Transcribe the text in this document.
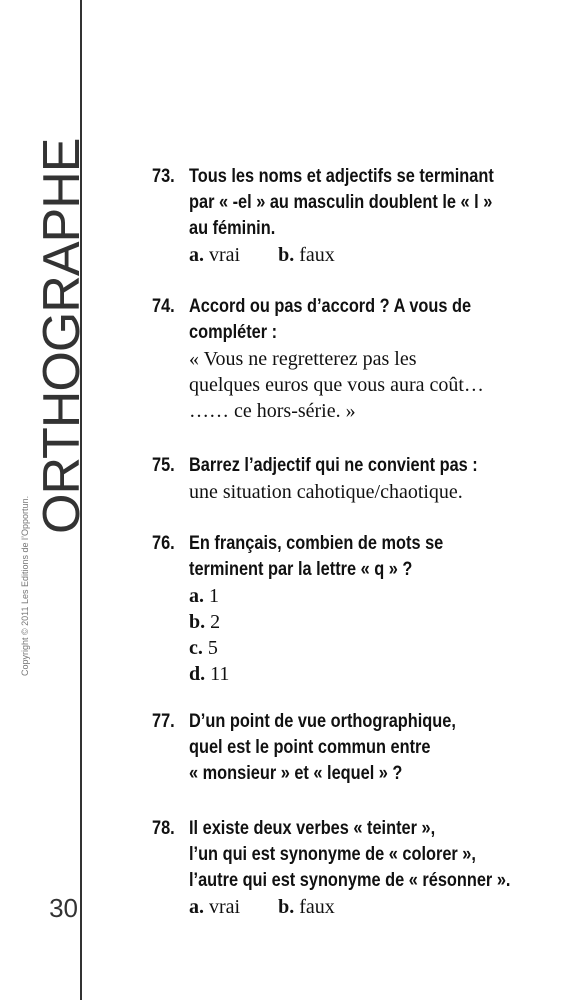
ORTHOGRAPHE
Copyright © 2011 Les Editions de l’Opportun.
30
73. Tous les noms et adjectifs se terminant
par « -el » au masculin doublent le « l »
au féminin.
a. vrai b. faux
74. Accord ou pas d’accord ? A vous de
compléter :
« Vous ne regretterez pas les
quelques euros que vous aura coût…
…… ce hors-série. »
75. Barrez l’adjectif qui ne convient pas :
une situation cahotique/chaotique.
76. En français, combien de mots se
terminent par la lettre « q » ?
a. 1
b. 2
c. 5
d. 11
77. D’un point de vue orthographique,
quel est le point commun entre
« monsieur » et « lequel » ?
78. Il existe deux verbes « teinter »,
l’un qui est synonyme de « colorer »,
l’autre qui est synonyme de « résonner ».
a. vrai b. faux
